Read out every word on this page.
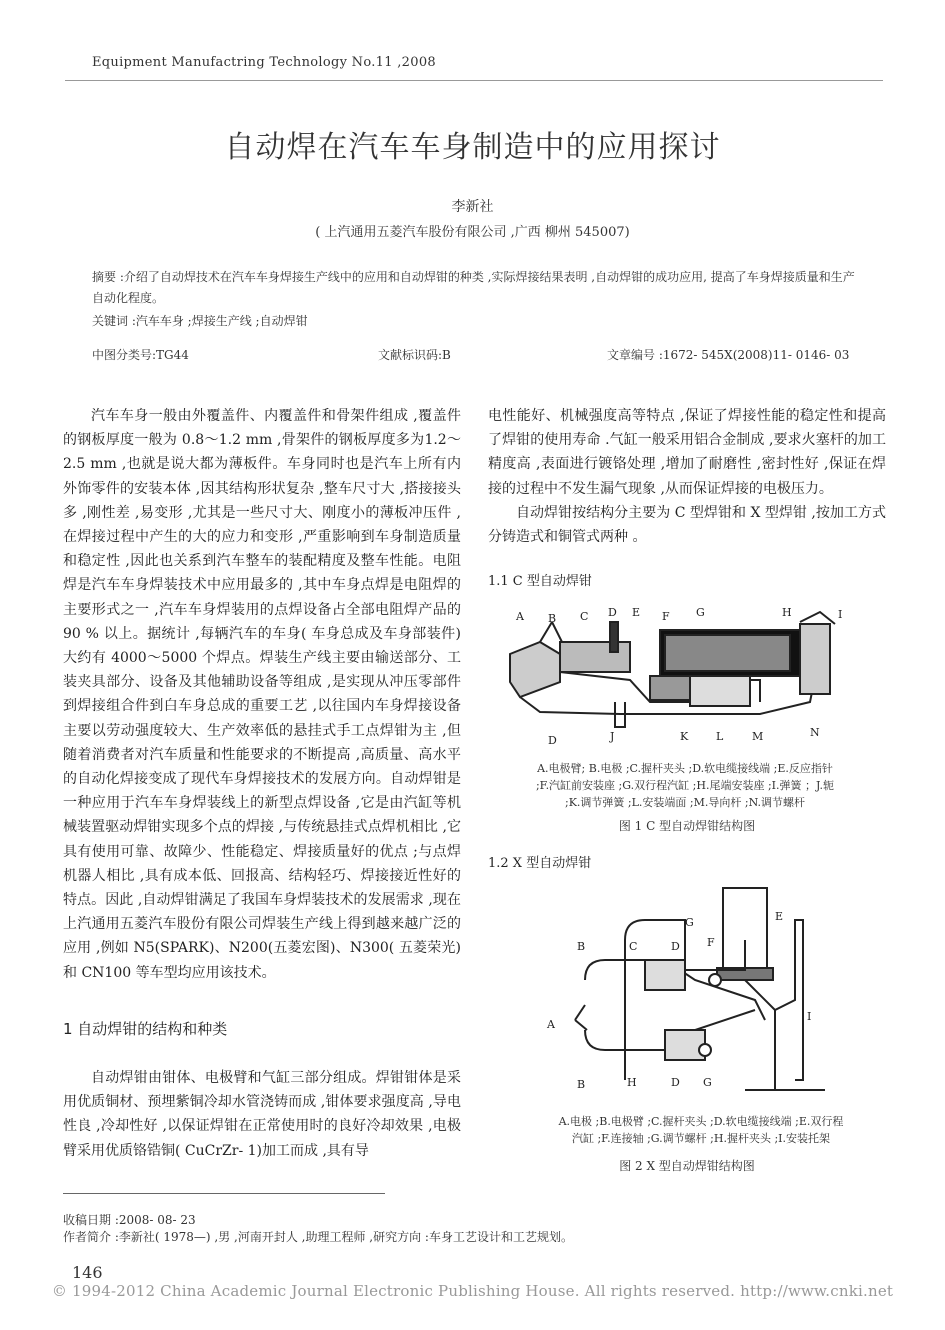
Equipment Manufactring Technology No.11 ,2008
自动焊在汽车车身制造中的应用探讨
李新社
( 上汽通用五菱汽车股份有限公司 ,广西 柳州 545007)
摘要 :介绍了自动焊技术在汽车车身焊接生产线中的应用和自动焊钳的种类 ,实际焊接结果表明 ,自动焊钳的成功应用, 提高了车身焊接质量和生产自动化程度。
关键词 :汽车车身 ;焊接生产线 ;自动焊钳
中图分类号:TG44	文献标识码:B	文章编号 :1672- 545X(2008)11- 0146- 03

汽车车身一般由外覆盖件、内覆盖件和骨架件组成 ,覆盖件的钢板厚度一般为 0.8～1.2 mm ,骨架件的钢板厚度多为1.2～2.5 mm ,也就是说大都为薄板件。车身同时也是汽车上所有内外饰零件的安装本体 ,因其结构形状复杂 ,整车尺寸大 ,搭接接头多 ,刚性差 ,易变形 ,尤其是一些尺寸大、刚度小的薄板冲压件 ,在焊接过程中产生的大的应力和变形 ,严重影响到车身制造质量和稳定性 ,因此也关系到汽车整车的装配精度及整车性能。电阻焊是汽车车身焊装技术中应用最多的 ,其中车身点焊是电阻焊的主要形式之一 ,汽车车身焊装用的点焊设备占全部电阻焊产品的 90 % 以上。据统计 ,每辆汽车的车身( 车身总成及车身部装件)大约有 4000～5000 个焊点。焊装生产线主要由输送部分、工装夹具部分、设备及其他辅助设备等组成 ,是实现从冲压零部件到焊接组合件到白车身总成的重要工艺 ,以往国内车身焊接设备主要以劳动强度较大、生产效率低的悬挂式手工点焊钳为主 ,但随着消费者对汽车质量和性能要求的不断提高 ,高质量、高水平的自动化焊接变成了现代车身焊接技术的发展方向。自动焊钳是一种应用于汽车车身焊装线上的新型点焊设备 ,它是由汽缸等机械装置驱动焊钳实现多个点的焊接 ,与传统悬挂式点焊机相比 ,它具有使用可靠、故障少、性能稳定、焊接质量好的优点 ;与点焊机器人相比 ,具有成本低、回报高、结构轻巧、焊接接近性好的特点。因此 ,自动焊钳满足了我国车身焊装技术的发展需求 ,现在上汽通用五菱汽车股份有限公司焊装生产线上得到越来越广泛的应用 ,例如 N5(SPARK)、N200(五菱宏图)、N300( 五菱荣光) 和 CN100 等车型均应用该技术。

1 自动焊钳的结构和种类

自动焊钳由钳体、电极臂和气缸三部分组成。焊钳钳体是采用优质铜材、预埋紫铜冷却水管浇铸而成 ,钳体要求强度高 ,导电性良 ,冷却性好 ,以保证焊钳在正常使用时的良好冷却效果 ,电极臂采用优质铬锆铜( CuCrZr- 1)加工而成 ,具有导

电性能好、机械强度高等特点 ,保证了焊接性能的稳定性和提高了焊钳的使用寿命 .气缸一般采用铝合金制成 ,要求火塞杆的加工精度高 ,表面进行镀铬处理 ,增加了耐磨性 ,密封性好 ,保证在焊接的过程中不发生漏气现象 ,从而保证焊接的电极压力。

自动焊钳按结构分主要为 C 型焊钳和 X 型焊钳 ,按加工方式分铸造式和铜管式两种 。

1.1 C 型自动焊钳
A B C D E F G	H	I
D	J	K	L	M	N
A.电极臂; B.电极 ;C.握杆夹头 ;D.软电缆接线端 ;E.反应指针 ;F.汽缸前安装座 ;G.双行程汽缸 ;H.尾端安装座 ;I.弹簧 ；J.轭 ;K.调节弹簧 ;L.安装端面 ;M.导向杆 ;N.调节螺杆
图 1 C 型自动焊钳结构图
1.2 X 型自动焊钳
G	E
B	C	D F
A
I
B	H	D G
A.电极 ;B.电极臂 ;C.握杆夹头 ;D.软电缆接线端 ;E.双行程汽缸 ;F.连接轴 ;G.调节螺杆 ;H.握杆夹头 ;I.安装托架
图 2 X 型自动焊钳结构图
收稿日期 :2008- 08- 23
作者简介 :李新社( 1978—) ,男 ,河南开封人 ,助理工程师 ,研究方向 :车身工艺设计和工艺规划。
146
© 1994-2012 China Academic Journal Electronic Publishing House. All rights reserved. http://www.cnki.net
